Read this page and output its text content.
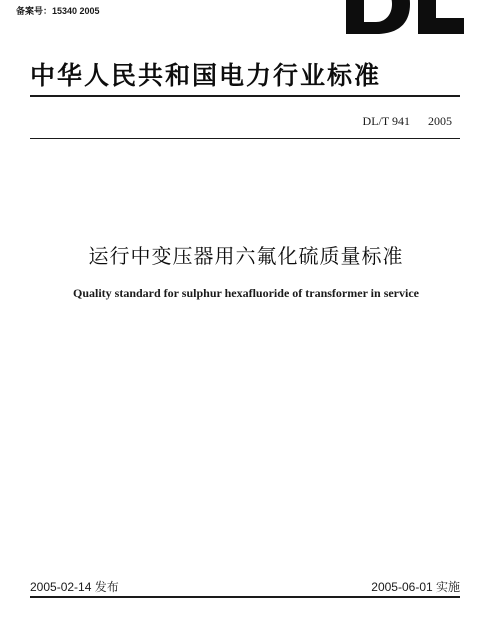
备案号：15340 2005
中华人民共和国电力行业标准
DL/T 941 2005
运行中变压器用六氟化硫质量标准
Quality standard for sulphur hexafluoride of transformer in service
2005-02-14 发布	2005-06-01 实施
